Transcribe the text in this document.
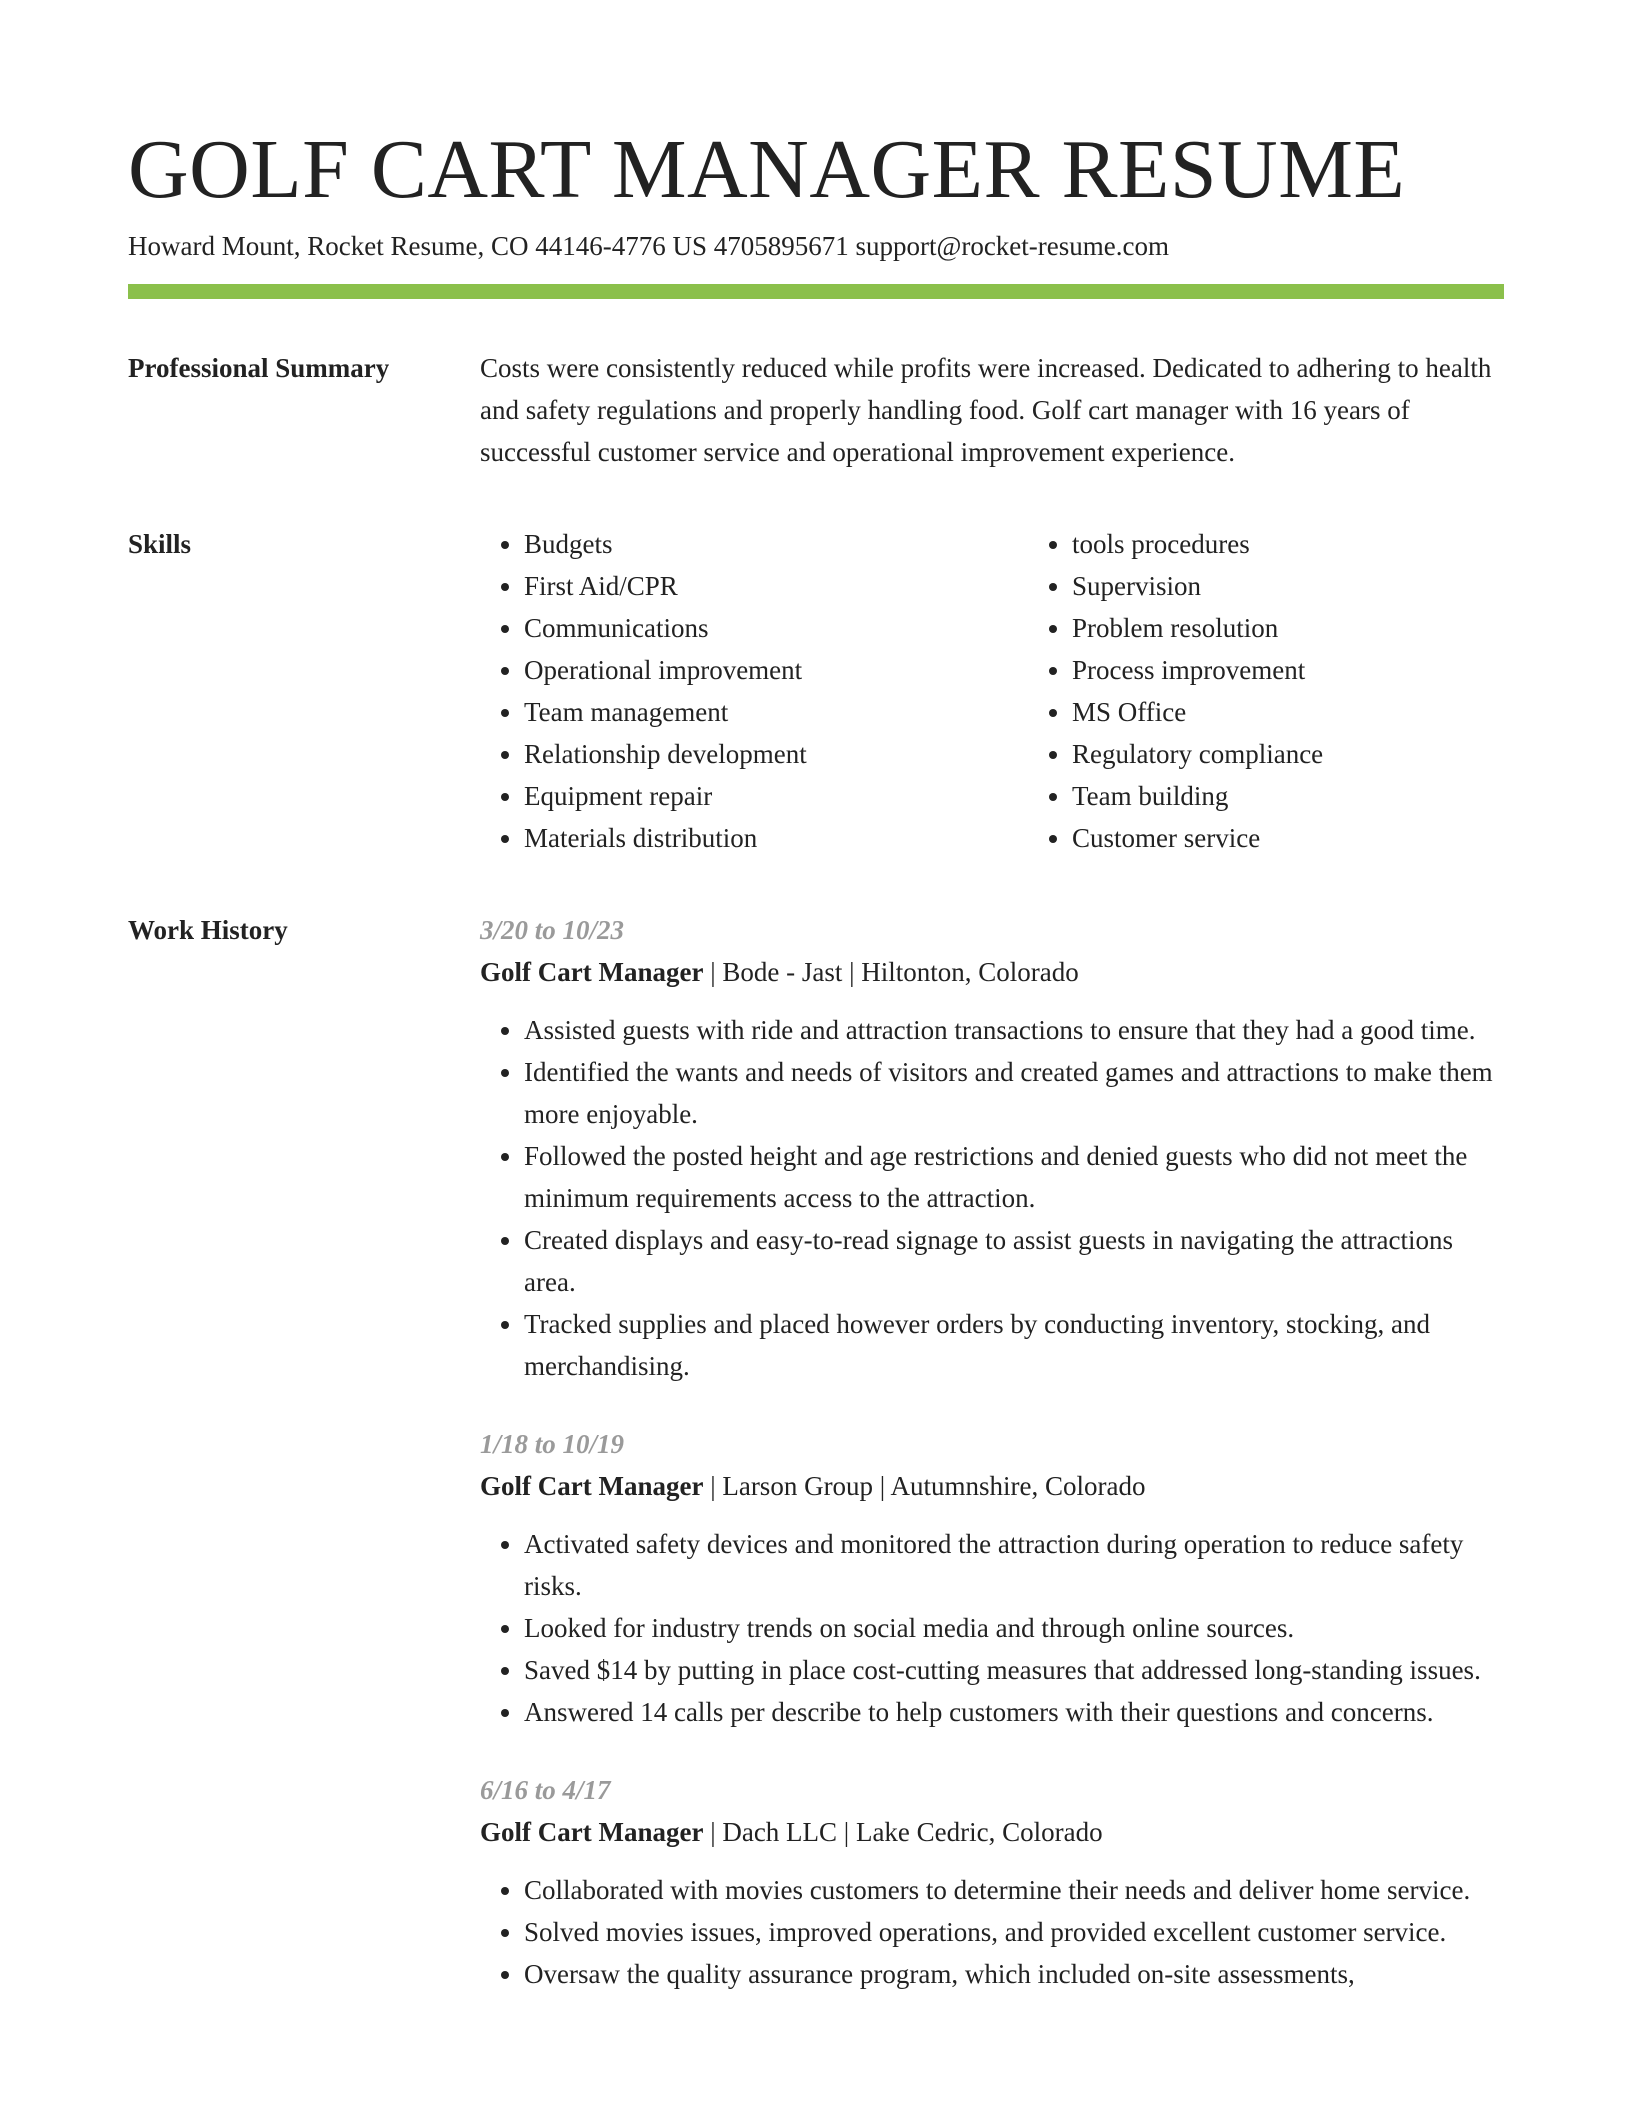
GOLF CART MANAGER RESUME
Howard Mount, Rocket Resume, CO 44146-4776 US 4705895671 support@rocket-resume.com
Professional Summary	Costs were consistently reduced while profits were increased. Dedicated to adhering to health and safety regulations and properly handling food. Golf cart manager with 16 years of successful customer service and operational improvement experience.

Skills
•	Budgets
• First Aid/CPR
• Communications
• Operational improvement
• Team management
• Relationship development
• Equipment repair
• Materials distribution
• tools procedures
• Supervision
• Problem resolution
• Process improvement
• MS Office
• Regulatory compliance
• Team building
• Customer service
Work History	3/20 to 10/23
Golf Cart Manager | Bode - Jast | Hiltonton, Colorado
• Assisted guests with ride and attraction transactions to ensure that they had a good time.
• Identified the wants and needs of visitors and created games and attractions to make them more enjoyable.
• Followed the posted height and age restrictions and denied guests who did not meet the minimum requirements access to the attraction.
• Created displays and easy-to-read signage to assist guests in navigating the attractions area.
• Tracked supplies and placed however orders by conducting inventory, stocking, and merchandising.
1/18 to 10/19
Golf Cart Manager | Larson Group | Autumnshire, Colorado
• Activated safety devices and monitored the attraction during operation to reduce safety risks.
• Looked for industry trends on social media and through online sources.
• Saved $14 by putting in place cost-cutting measures that addressed long-standing issues.
• Answered 14 calls per describe to help customers with their questions and concerns.
6/16 to 4/17
Golf Cart Manager | Dach LLC | Lake Cedric, Colorado
• Collaborated with movies customers to determine their needs and deliver home service.
• Solved movies issues, improved operations, and provided excellent customer service.
• Oversaw the quality assurance program, which included on-site assessments,
